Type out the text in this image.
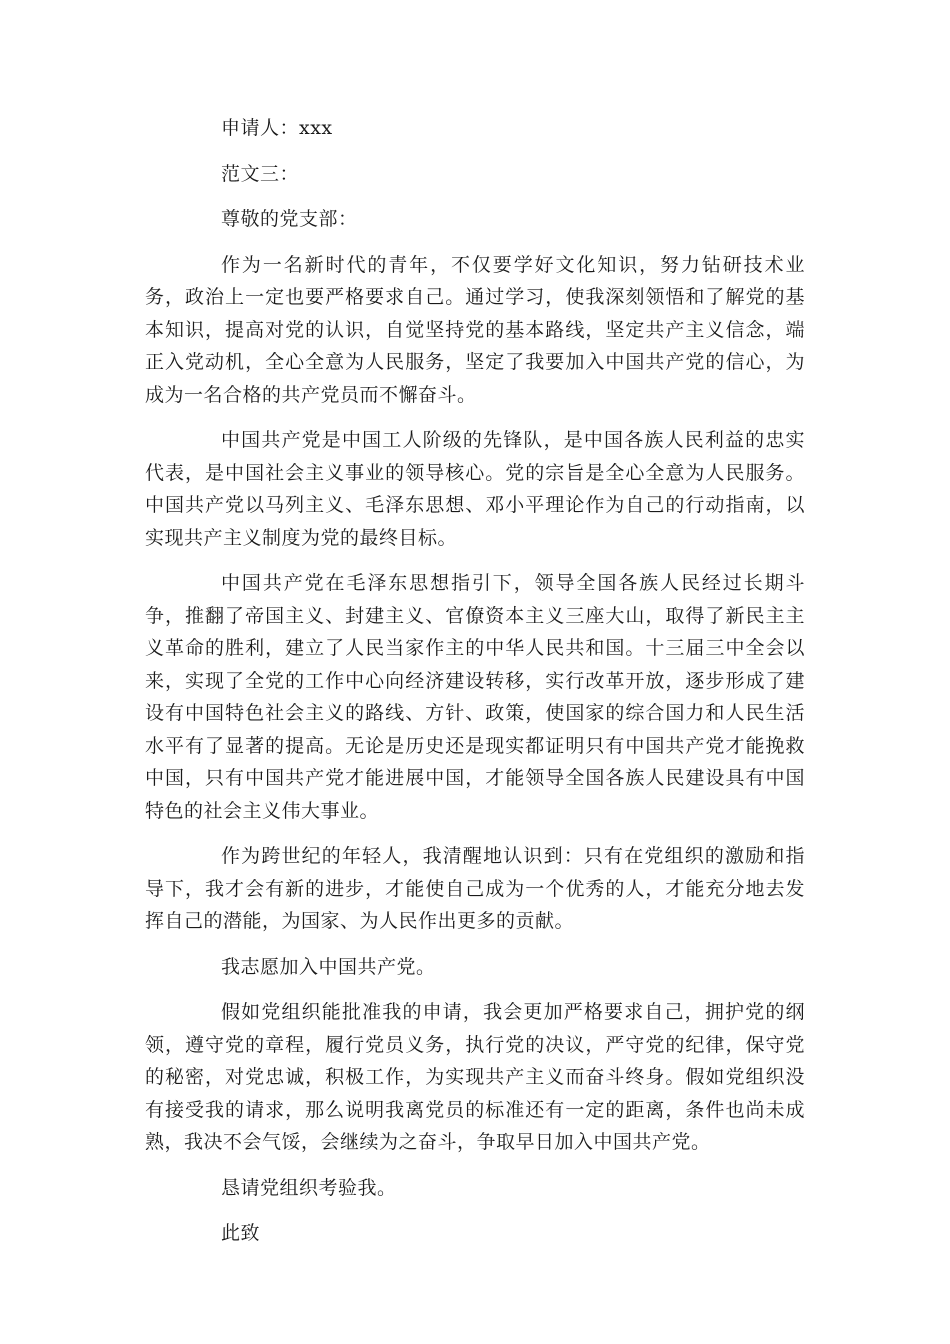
申请人：xxx

范文三：

尊敬的党支部：

作为一名新时代的青年，不仅要学好文化知识，努力钻研技术业务，政治上一定也要严格要求自己。通过学习，使我深刻领悟和了解党的基本知识，提高对党的认识，自觉坚持党的基本路线，坚定共产主义信念，端正入党动机，全心全意为人民服务，坚定了我要加入中国共产党的信心，为成为一名合格的共产党员而不懈奋斗。

中国共产党是中国工人阶级的先锋队，是中国各族人民利益的忠实代表，是中国社会主义事业的领导核心。党的宗旨是全心全意为人民服务。中国共产党以马列主义、毛泽东思想、邓小平理论作为自己的行动指南，以实现共产主义制度为党的最终目标。

中国共产党在毛泽东思想指引下，领导全国各族人民经过长期斗争，推翻了帝国主义、封建主义、官僚资本主义三座大山，取得了新民主主义革命的胜利，建立了人民当家作主的中华人民共和国。十三届三中全会以来，实现了全党的工作中心向经济建设转移，实行改革开放，逐步形成了建设有中国特色社会主义的路线、方针、政策，使国家的综合国力和人民生活水平有了显著的提高。无论是历史还是现实都证明只有中国共产党才能挽救中国，只有中国共产党才能进展中国，才能领导全国各族人民建设具有中国特色的社会主义伟大事业。

作为跨世纪的年轻人，我清醒地认识到：只有在党组织的激励和指导下，我才会有新的进步，才能使自己成为一个优秀的人，才能充分地去发挥自己的潜能，为国家、为人民作出更多的贡献。

我志愿加入中国共产党。

假如党组织能批准我的申请，我会更加严格要求自己，拥护党的纲领，遵守党的章程，履行党员义务，执行党的决议，严守党的纪律，保守党的秘密，对党忠诚，积极工作，为实现共产主义而奋斗终身。假如党组织没有接受我的请求，那么说明我离党员的标准还有一定的距离，条件也尚未成熟，我决不会气馁，会继续为之奋斗，争取早日加入中国共产党。

恳请党组织考验我。

此致
